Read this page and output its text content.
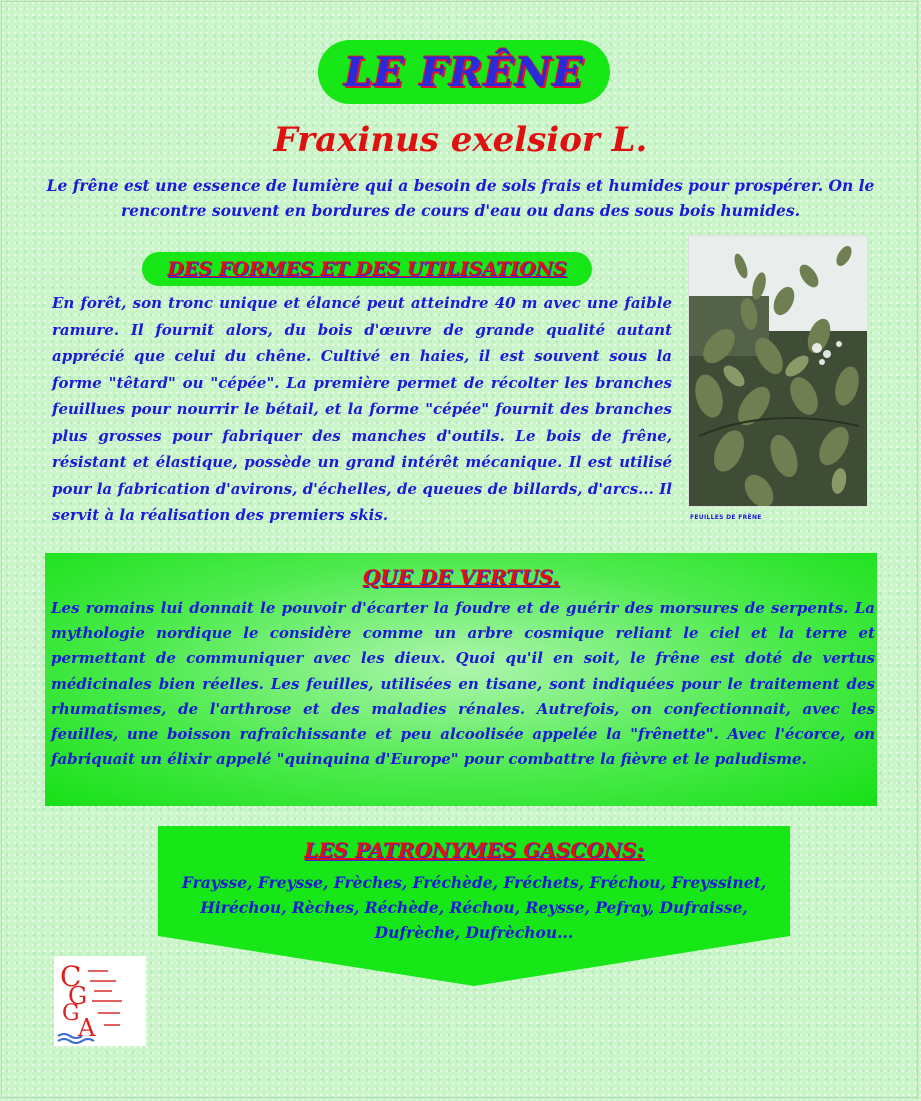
LE FRÊNE
Fraxinus exelsior L.
Le frêne est une essence de lumière qui a besoin de sols frais et humides pour prospérer. On le rencontre souvent en bordures de cours d'eau ou dans des sous bois humides.
DES FORMES ET DES UTILISATIONS
En forêt, son tronc unique et élancé peut atteindre 40 m avec une faible ramure. Il fournit alors, du bois d'œuvre de grande qualité autant apprécié que celui du chêne. Cultivé en haies, il est souvent sous la forme "têtard" ou "cépée". La première permet de récolter les branches feuillues pour nourrir le bétail, et la forme "cépée" fournit des branches plus grosses pour fabriquer des manches d'outils. Le bois de frêne, résistant et élastique, possède un grand intérêt mécanique. Il est utilisé pour la fabrication d'avirons, d'échelles, de queues de billards, d'arcs... Il servit à la réalisation des premiers skis.	FEUILLES DE FRÊNE
QUE DE VERTUS.
Les romains lui donnait le pouvoir d'écarter la foudre et de guérir des morsures de serpents. La mythologie nordique le considère comme un arbre cosmique reliant le ciel et la terre et permettant de communiquer avec les dieux. Quoi qu'il en soit, le frêne est doté de vertus médicinales bien réelles. Les feuilles, utilisées en tisane, sont indiquées pour le traitement des rhumatismes, de l'arthrose et des maladies rénales. Autrefois, on confectionnait, avec les feuilles, une boisson rafraîchissante et peu alcoolisée appelée la "frênette". Avec l'écorce, on fabriquait un élixir appelé "quinquina d'Europe" pour combattre la fièvre et le paludisme.
LES PATRONYMES GASCONS:
Fraysse, Freysse, Frèches, Fréchède, Fréchets, Fréchou, Freyssinet, Hiréchou, Rèches, Réchède, Réchou, Reysse, Pefray, Dufraisse, Dufrèche, Dufrèchou...
C
G
G
A
